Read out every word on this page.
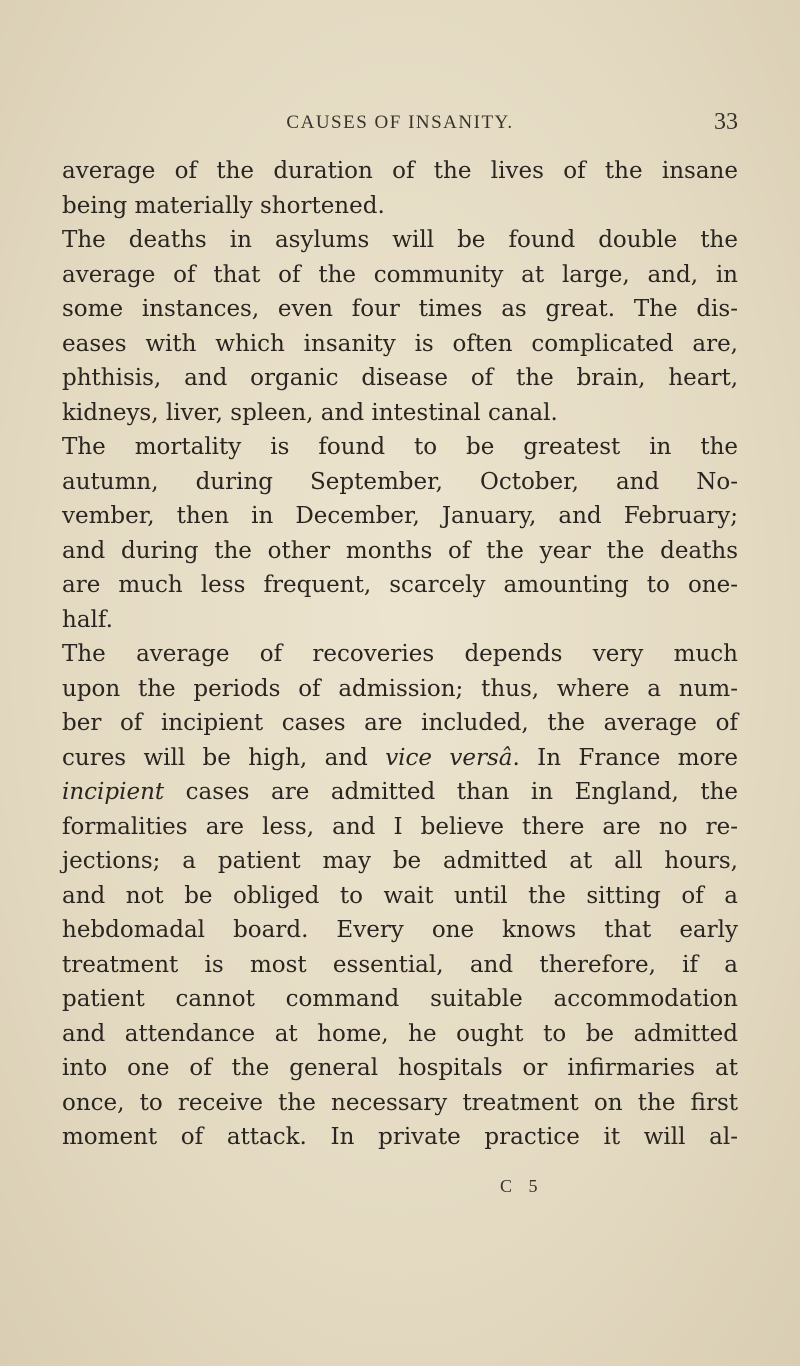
CAUSES OF INSANITY.	33
average of the duration of the lives of the insane
being materially shortened.
The deaths in asylums will be found double the
average of that of the community at large, and, in
some instances, even four times as great. The dis-
eases with which insanity is often complicated are,
phthisis, and organic disease of the brain, heart,
kidneys, liver, spleen, and intestinal canal.
The mortality is found to be greatest in the
autumn, during September, October, and No-
vember, then in December, January, and February;
and during the other months of the year the deaths
are much less frequent, scarcely amounting to one-
half.
The average of recoveries depends very much
upon the periods of admission; thus, where a num-
ber of incipient cases are included, the average of
cures will be high, and vice versâ. In France more
incipient cases are admitted than in England, the
formalities are less, and I believe there are no re-
jections; a patient may be admitted at all hours,
and not be obliged to wait until the sitting of a
hebdomadal board. Every one knows that early
treatment is most essential, and therefore, if a
patient cannot command suitable accommodation
and attendance at home, he ought to be admitted
into one of the general hospitals or infirmaries at
once, to receive the necessary treatment on the first
moment of attack. In private practice it will al-
C 5
